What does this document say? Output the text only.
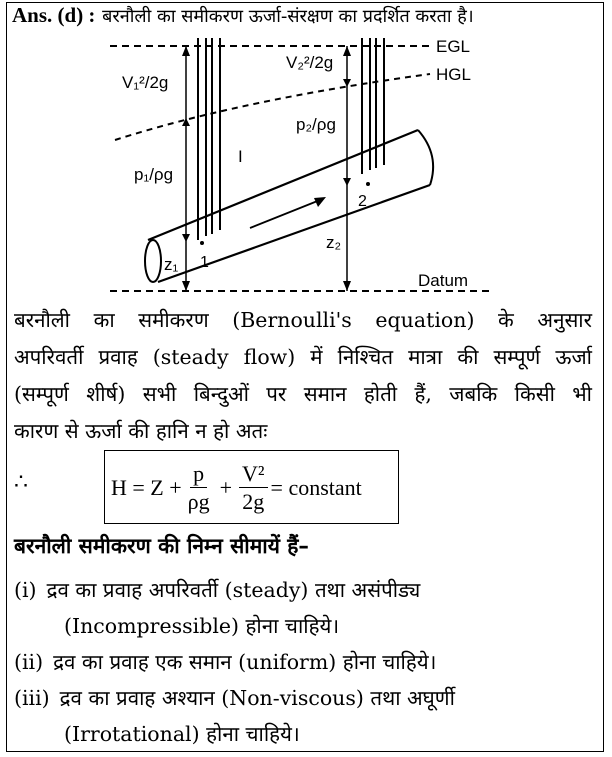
Ans. (d) : बरनौली का समीकरण ऊर्जा-संरक्षण का प्रदर्शित करता है।
EGL
HGL
Datum
V₁²/2g
p₁/ρg
z₁ 1
V₂²/2g
p₂/ρg
z₂
2
I
बरनौली का समीकरण (Bernoulli's equation) के अनुसार
अपरिवर्ती प्रवाह (steady flow) में निश्चित मात्रा की सम्पूर्ण ऊर्जा
(सम्पूर्ण शीर्ष) सभी बिन्दुओं पर समान होती हैं, जबकि किसी भी
कारण से ऊर्जा की हानि न हो अतः
∴	$H = Z + \frac{p}{\rho g} + \frac{\text{V²}}{2g}$ = constant
बरनौली समीकरण की निम्न सीमायें हैं–
(i) द्रव का प्रवाह अपरिवर्ती (steady) तथा असंपीड्य
(Incompressible) होना चाहिये।
(ii) द्रव का प्रवाह एक समान (uniform) होना चाहिये।
(iii) द्रव का प्रवाह अश्यान (Non-viscous) तथा अघूर्णी
(Irrotational) होना चाहिये।
